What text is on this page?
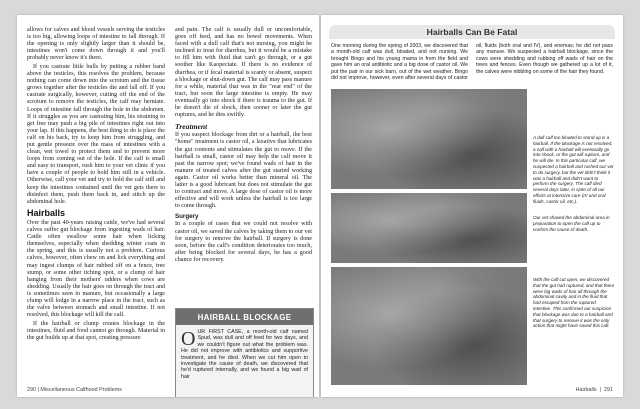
allows for calves and blood vessels serving the testicles is too big, allowing loops of intestine to fall through. If the opening is only slightly larger than it should be, intestines won't come down through it and you'll probably never know it's there.

If you castrate little bulls by putting a rubber band above the testicles, this resolves the problem, because nothing can come down into the scrotum and the tissue grows together after the testicles die and fall off. If you castrate surgically, however, cutting off the end of the scrotum to remove the testicles, the calf may herniate. Loops of intestine fall through the hole in the abdomen. If it struggles as you are castrating him, his straining to get free may push a big pile of intestines right out into your lap. If this happens, the best thing to do is place the calf on his back, try to keep him from struggling, and put gentle pressure over the mass of intestines with a clean, wet towel to protect them and to prevent more loops from coming out of the hole. If the calf is small and easy to transport, rush him to your vet clinic if you have a couple of people to hold him still in a vehicle. Otherwise, call your vet and try to hold the calf still and keep the intestines contained until the vet gets there to disinfect them, push them back in, and stitch up the abdominal hole.

Hairballs

Over the past 40-years raising cattle, we've had several calves suffer gut blockage from ingesting wads of hair. Cattle often swallow some hair when licking themselves, especially when shedding winter coats in the spring, and this is usually not a problem. Curious calves, however, often chew on and lick everything and may ingest clumps of hair rubbed off on a fence, tree stump, or some other itching spot, or a clump of hair hanging from their mothers' udders when cows are shedding. Usually the hair goes on through the tract and is sometimes seen in manure, but occasionally a large clump will lodge in a narrow place in the tract, such as the valve between stomach and small intestine. If not resolved, this blockage will kill the calf.

If the hairball or clump creates blockage in the intestines, fluid and food cannot go through. Material in the gut builds up at that spot, creating pressure

and pain. The calf is usually dull or uncomfortable, goes off feed, and has no bowel movements. When faced with a dull calf that's not nursing, you might be inclined to treat for diarrhea, but it would be a mistake to fill him with fluid that can't go through, or a gut soother like Kaopectate. If there is no evidence of diarrhea, or if fecal material is scanty or absent, suspect a blockage or shut-down gut. The calf may pass manure for a while, material that was in the "rear end" of the tract, but soon the large intestine is empty. He may eventually go into shock if there is trauma to the gut. If he doesn't die of shock, then sooner or later the gut ruptures, and he dies swiftly.

Treatment

If you suspect blockage from dirt or a hairball, the best "home" treatment is castor oil, a laxative that lubricates the gut contents and stimulates the gut to move. If the hairball is small, castor oil may help the calf move it past the narrow spot; we've found wads of hair in the manure of treated calves after the gut started working again. Castor oil works better than mineral oil. The latter is a good lubricant but does not stimulate the gut to contract and move. A large dose of castor oil is more effective and will work unless the hairball is too large to come through.

Surgery

In a couple of cases that we could not resolve with castor oil, we saved the calves by taking them to our vet for surgery to remove the hairball. If surgery is done soon, before the calf's condition deteriorates too much, after being blocked for several days, he has a good chance for recovery.

HAIRBALL BLOCKAGE
O UR FIRST CASE, a month-old calf named Spud, was dull and off feed for two days, and we couldn't figure out what the problem was. He did not improve with antibiotics and supportive treatment, and he died. When we cut him open to investigate the cause of death, we discovered that he'd ruptured internally, and we found a big wad of hair
290 | Miscellaneous Calfhood Problems
Hairballs Can Be Fatal
One morning during the spring of 2003, we discovered that a month-old calf was dull, bloated, and not nursing. We brought Bingo and his young mama in from the field and gave him an oral antibiotic and a big dose of castor oil. We put the pair in our sick barn, out of the wet weather. Bingo did not improve, however, even after several days of castor oil, fluids (both oral and IV), and enemas; he did not pass any manure. We suspected a hairball blockage, since the cows were shedding and rubbing off wads of hair on the trees and fences. Even though we gathered up a lot of it, the calves were nibbling on some of the hair they found.
A dull calf too bloated to stand up is a hairball. If the blockage is not resolved, a calf with a hairball will eventually go into shock, or the gut will rupture, and he will die. In this particular calf, we suspected a hairball and rushed our vet to do surgery, but the vet didn't think it was a hairball and didn't want to perform the surgery. The calf died several days later, in spite of all our efforts at intensive care (IV and oral fluids, castor oil, etc.).
Our vet shaved the abdominal area in preparation to open the calf up to confirm the cause of death.
With the calf cut open, we discovered that the gut had ruptured, and that there were big wads of hair all through the abdominal cavity and in the fluid that had escaped from the ruptured intestine. This confirmed our suspicion that blockage was due to a hairball and that surgery to remove it was the only action that might have saved this calf.
Hairballs  |  291
